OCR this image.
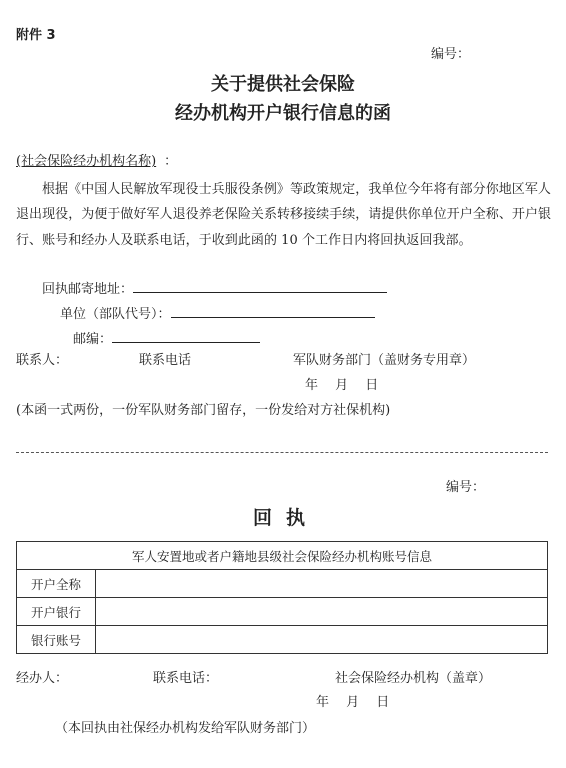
附件 3
编号：
关于提供社会保险
经办机构开户银行信息的函
(社会保险经办机构名称) ：
根据《中国人民解放军现役士兵服役条例》等政策规定，我单位今年将有部分你地区军人退出现役，为便于做好军人退役养老保险关系转移接续手续，请提供你单位开户全称、开户银行、账号和经办人及联系电话，于收到此函的 10 个工作日内将回执返回我部。
回执邮寄地址：
单位（部队代号）：
邮编：
联系人：	联系电话	军队财务部门（盖财务专用章）
年　 月　 日
(本函一式两份，一份军队财务部门留存，一份发给对方社保机构)
编号：
回执
军人安置地或者户籍地县级社会保险经办机构账号信息	
开户全称	
开户银行	
银行账号	
经办人：	联系电话：	社会保险经办机构（盖章）
年　 月　 日
（本回执由社保经办机构发给军队财务部门）
